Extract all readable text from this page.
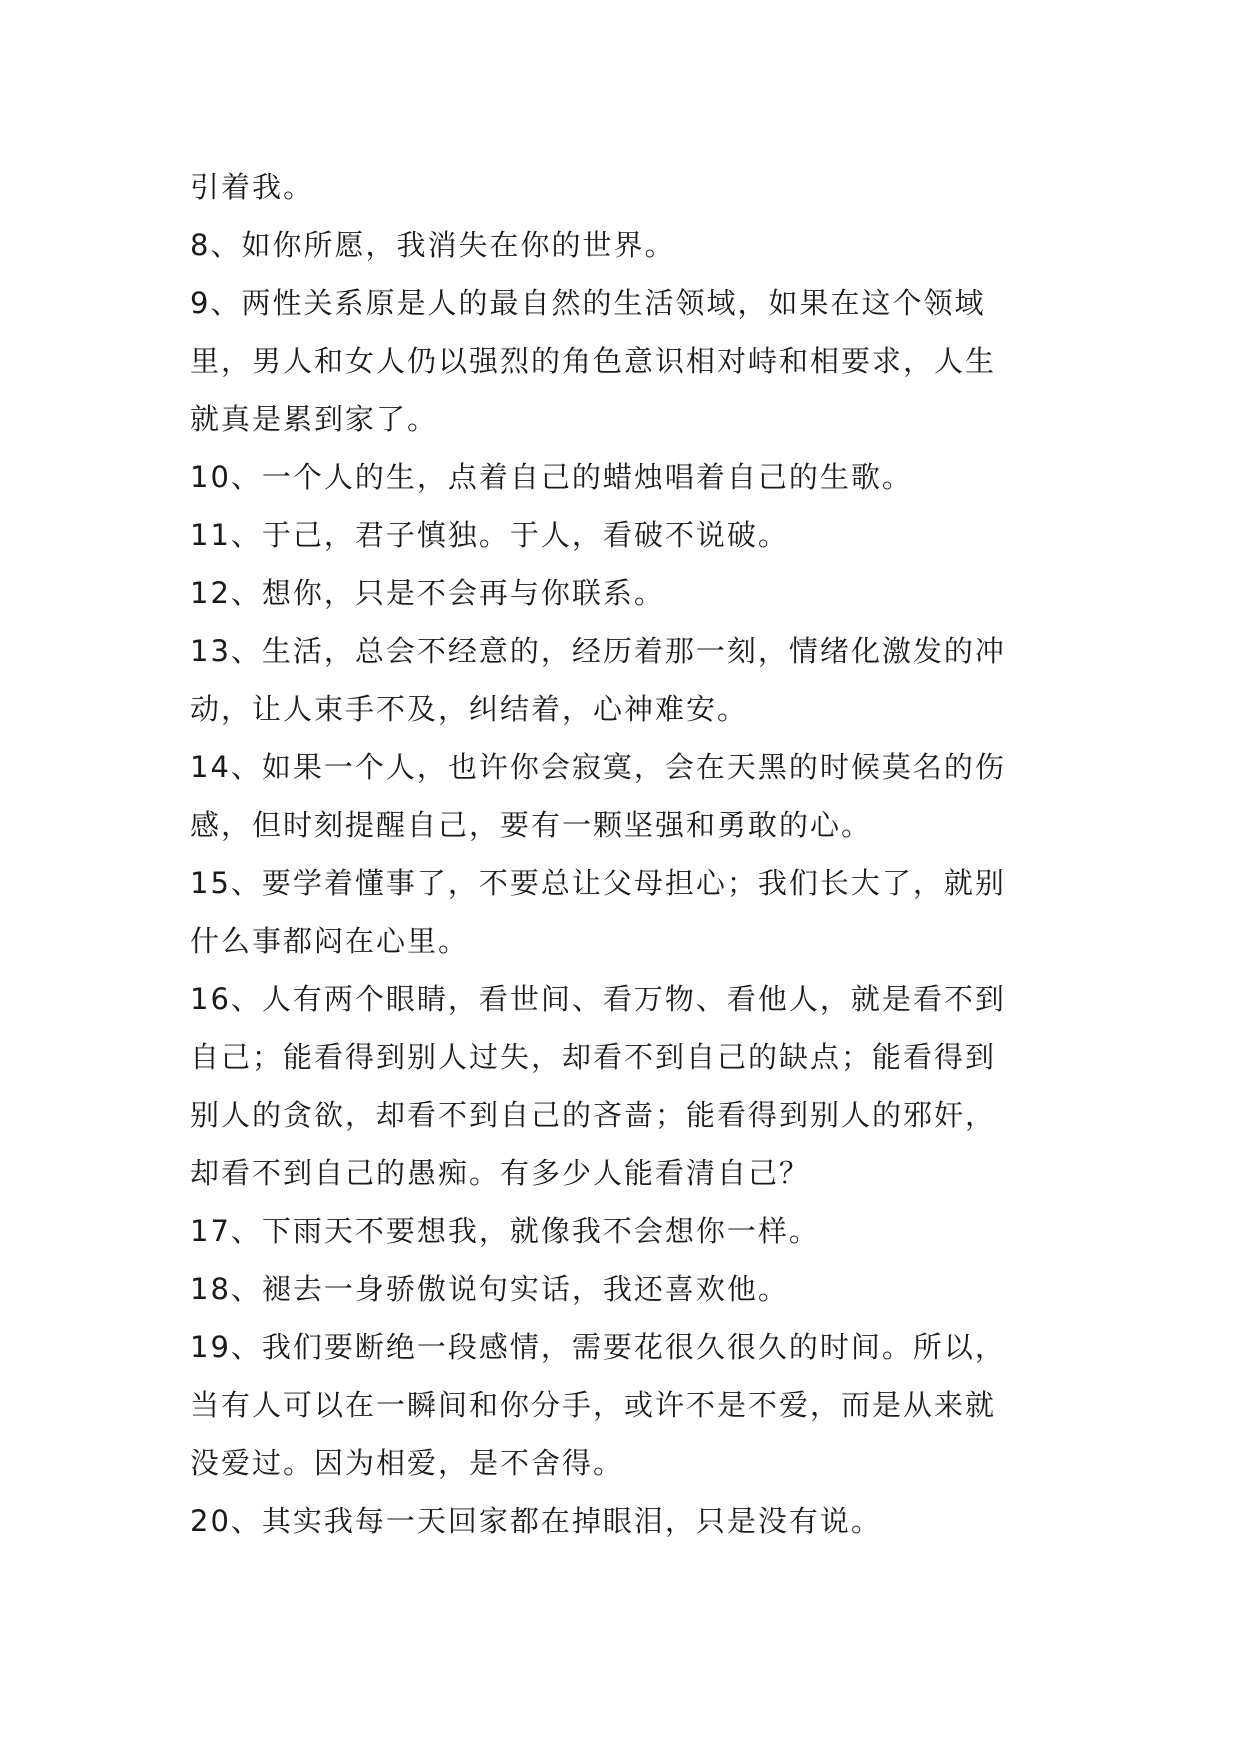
引着我。
8、如你所愿，我消失在你的世界。
9、两性关系原是人的最自然的生活领域，如果在这个领域
里，男人和女人仍以强烈的角色意识相对峙和相要求，人生
就真是累到家了。
10、一个人的生，点着自己的蜡烛唱着自己的生歌。
11、于己，君子慎独。于人，看破不说破。
12、想你，只是不会再与你联系。
13、生活，总会不经意的，经历着那一刻，情绪化激发的冲
动，让人束手不及，纠结着，心神难安。
14、如果一个人，也许你会寂寞，会在天黑的时候莫名的伤
感，但时刻提醒自己，要有一颗坚强和勇敢的心。
15、要学着懂事了，不要总让父母担心；我们长大了，就别
什么事都闷在心里。
16、人有两个眼睛，看世间、看万物、看他人，就是看不到
自己；能看得到别人过失，却看不到自己的缺点；能看得到
别人的贪欲，却看不到自己的吝啬；能看得到别人的邪奸，
却看不到自己的愚痴。有多少人能看清自己？
17、下雨天不要想我，就像我不会想你一样。
18、褪去一身骄傲说句实话，我还喜欢他。
19、我们要断绝一段感情，需要花很久很久的时间。所以，
当有人可以在一瞬间和你分手，或许不是不爱，而是从来就
没爱过。因为相爱，是不舍得。
20、其实我每一天回家都在掉眼泪，只是没有说。
